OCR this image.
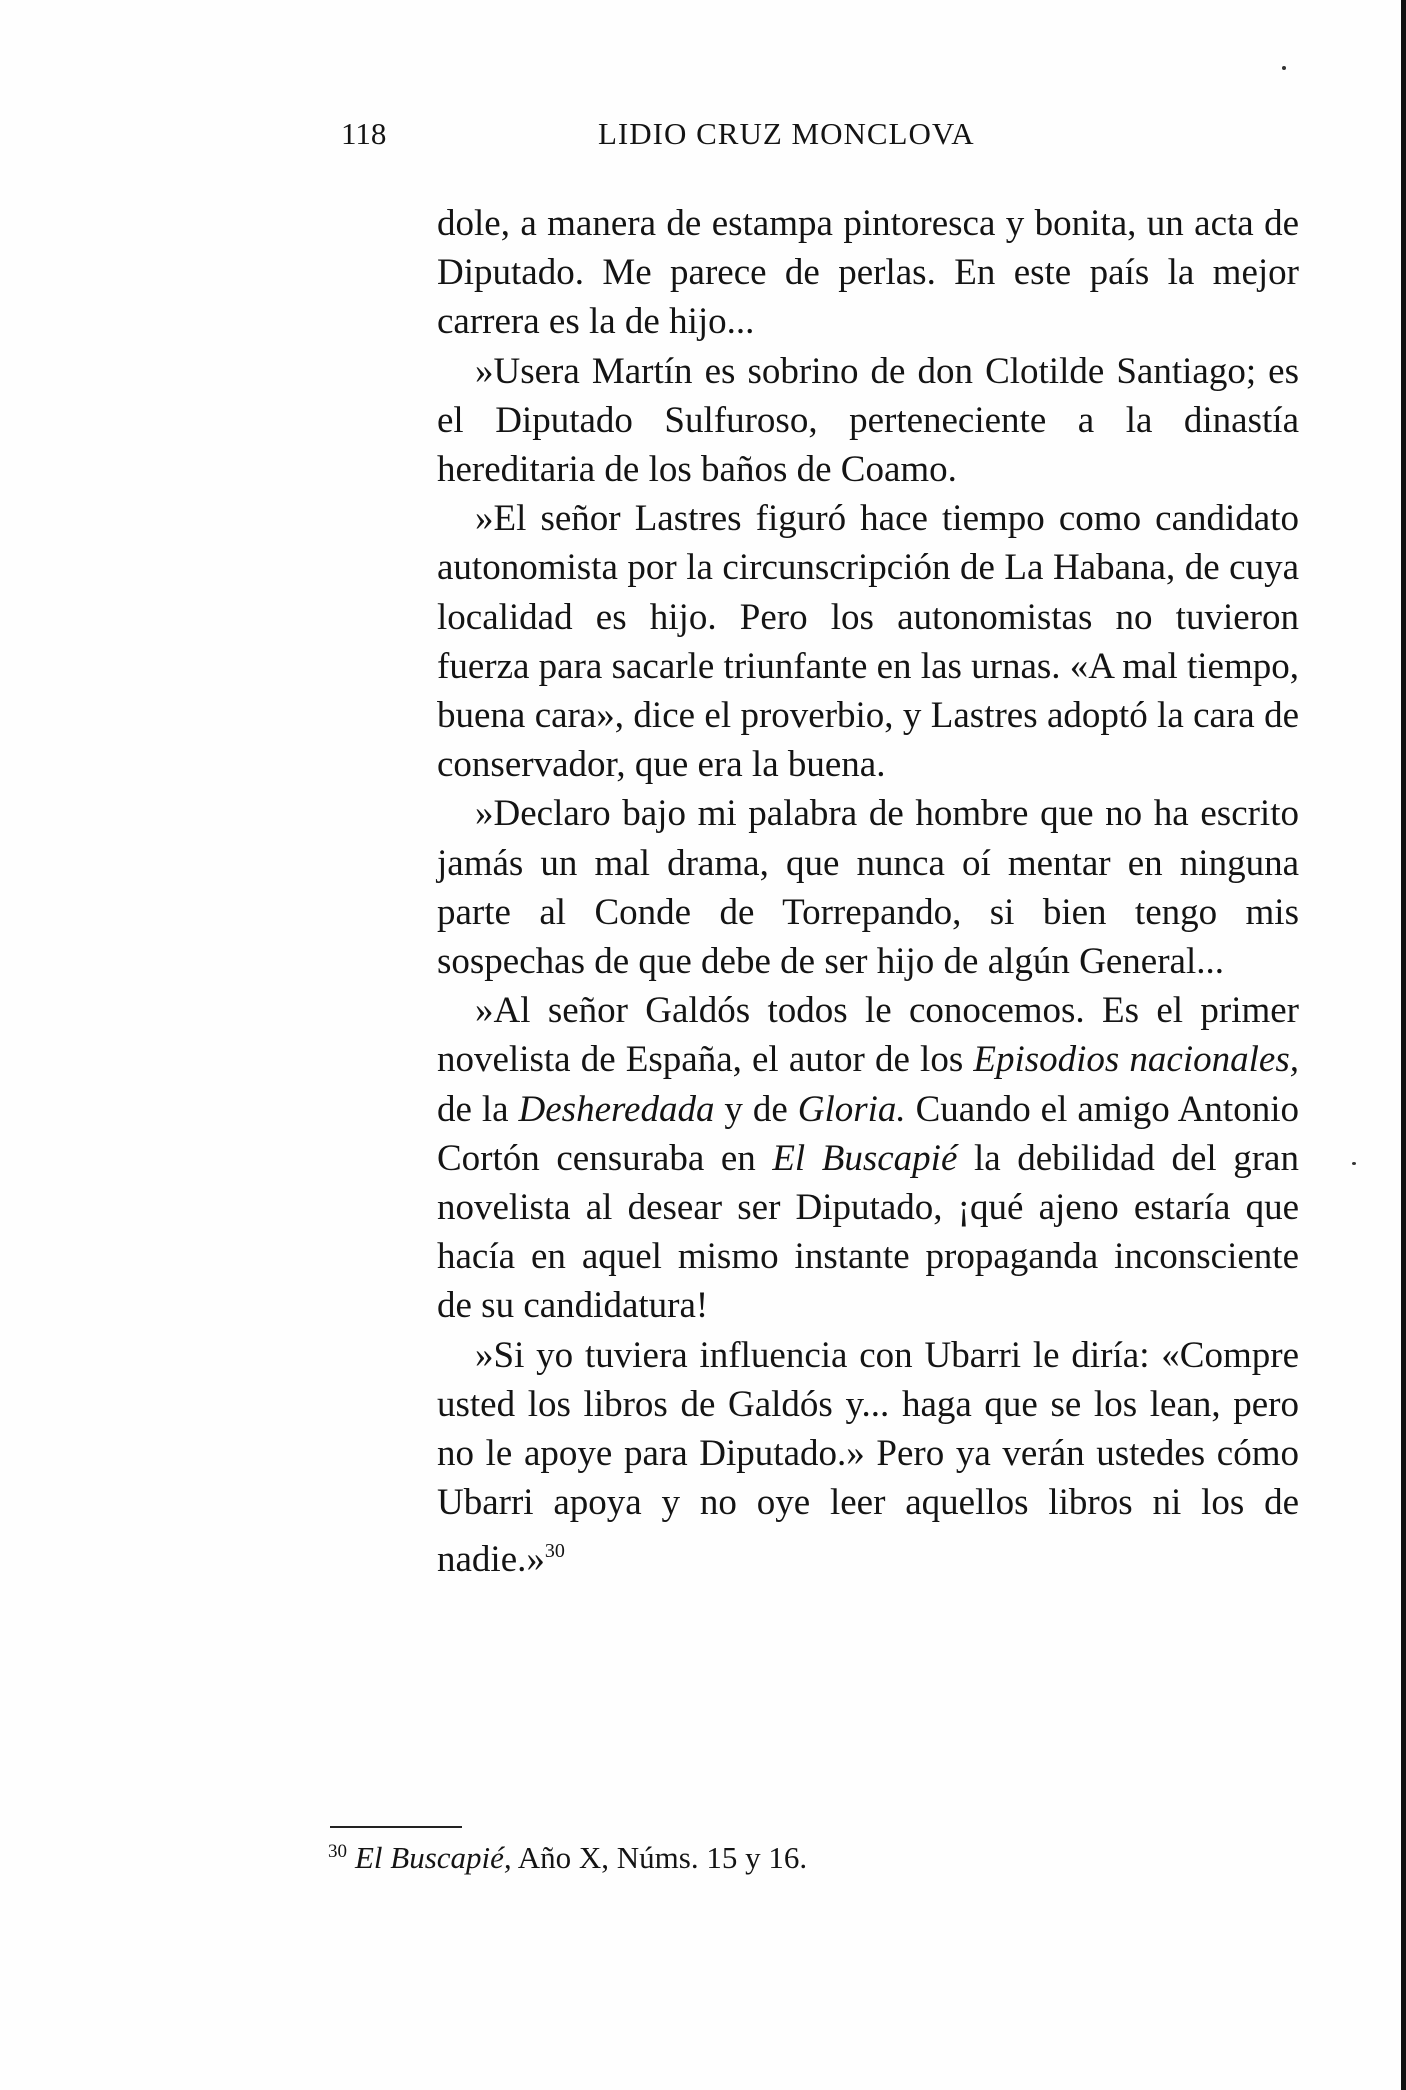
118	LIDIO CRUZ MONCLOVA

dole, a manera de estampa pintoresca y bonita, un acta de Diputado. Me parece de perlas. En este país la mejor carrera es la de hijo...

»Usera Martín es sobrino de don Clotilde Santiago; es el Diputado Sulfuroso, perteneciente a la dinastía hereditaria de los baños de Coamo.

»El señor Lastres figuró hace tiempo como candidato autonomista por la circunscripción de La Habana, de cuya localidad es hijo. Pero los autonomistas no tuvieron fuerza para sacarle triunfante en las urnas. «A mal tiempo, buena cara», dice el proverbio, y Lastres adoptó la cara de conservador, que era la buena.

»Declaro bajo mi palabra de hombre que no ha escrito jamás un mal drama, que nunca oí mentar en ninguna parte al Conde de Torrepando, si bien tengo mis sospechas de que debe de ser hijo de algún General...

»Al señor Galdós todos le conocemos. Es el primer novelista de España, el autor de los Episodios nacionales, de la Desheredada y de Gloria. Cuando el amigo Antonio Cortón censuraba en El Buscapié la debilidad del gran novelista al desear ser Diputado, ¡qué ajeno estaría que hacía en aquel mismo instante propaganda inconsciente de su candidatura!

»Si yo tuviera influencia con Ubarri le diría: «Compre usted los libros de Galdós y... haga que se los lean, pero no le apoye para Diputado.» Pero ya verán ustedes cómo Ubarri apoya y no oye leer aquellos libros ni los de nadie.»$^{30}$

$^{30}$ El Buscapié, Año X, Núms. 15 y 16.
